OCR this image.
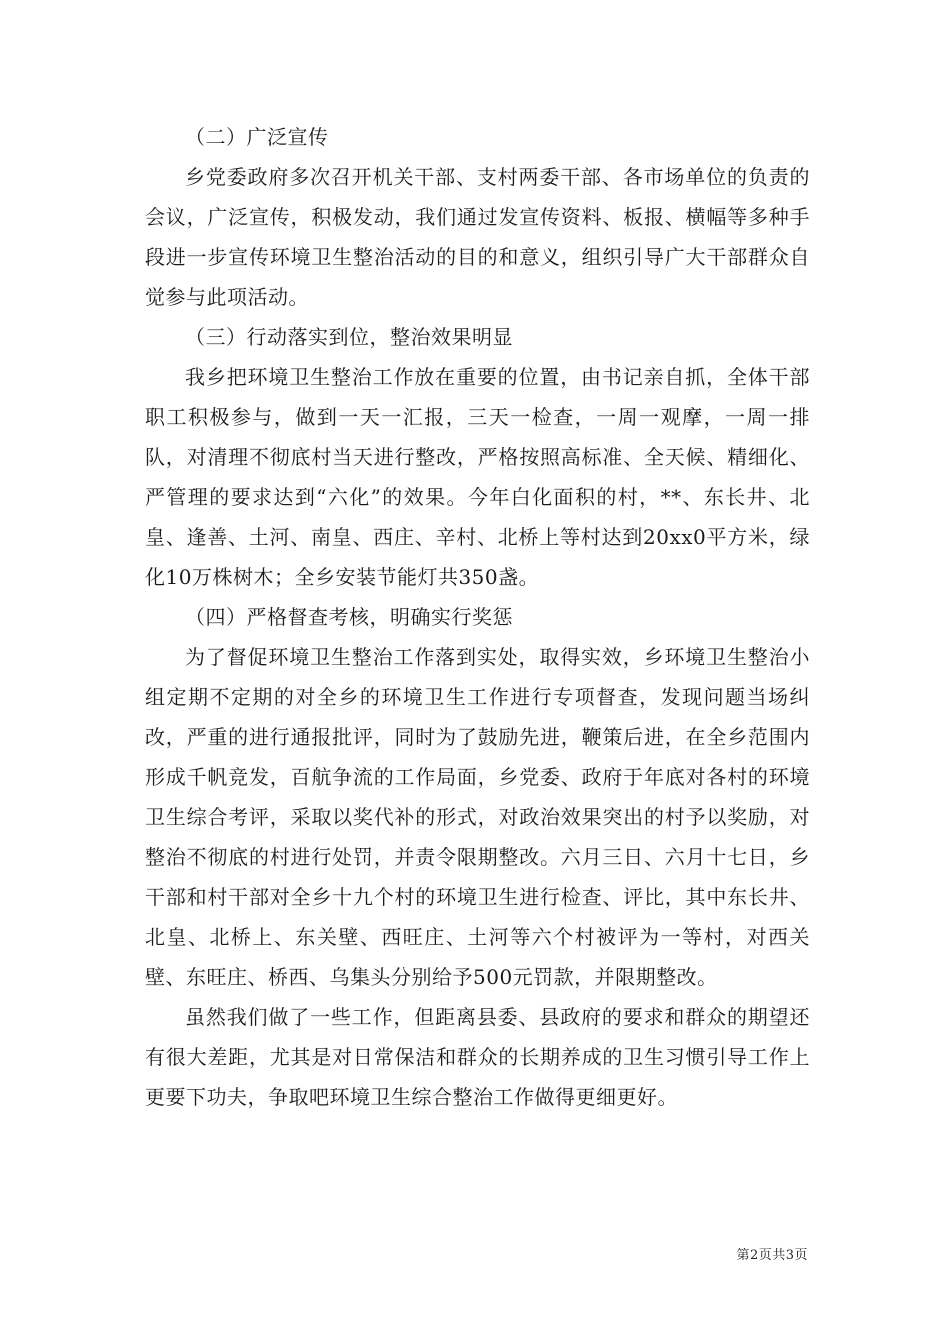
（二）广泛宣传

乡党委政府多次召开机关干部、支村两委干部、各市场单位的负责的会议，广泛宣传，积极发动，我们通过发宣传资料、板报、横幅等多种手段进一步宣传环境卫生整治活动的目的和意义，组织引导广大干部群众自觉参与此项活动。

（三）行动落实到位，整治效果明显

我乡把环境卫生整治工作放在重要的位置，由书记亲自抓，全体干部职工积极参与，做到一天一汇报，三天一检查，一周一观摩，一周一排队，对清理不彻底村当天进行整改，严格按照高标准、全天候、精细化、严管理的要求达到“六化”的效果。今年白化面积的村，**、东长井、北皇、逢善、土河、南皇、西庄、辛村、北桥上等村达到20xx0平方米，绿化10万株树木；全乡安装节能灯共350盏。

（四）严格督查考核，明确实行奖惩

为了督促环境卫生整治工作落到实处，取得实效，乡环境卫生整治小组定期不定期的对全乡的环境卫生工作进行专项督查，发现问题当场纠改，严重的进行通报批评，同时为了鼓励先进，鞭策后进，在全乡范围内形成千帆竞发，百航争流的工作局面，乡党委、政府于年底对各村的环境卫生综合考评，采取以奖代补的形式，对政治效果突出的村予以奖励，对整治不彻底的村进行处罚，并责令限期整改。六月三日、六月十七日，乡干部和村干部对全乡十九个村的环境卫生进行检查、评比，其中东长井、北皇、北桥上、东关壁、西旺庄、土河等六个村被评为一等村，对西关壁、东旺庄、桥西、乌集头分别给予500元罚款，并限期整改。

虽然我们做了一些工作，但距离县委、县政府的要求和群众的期望还有很大差距，尤其是对日常保洁和群众的长期养成的卫生习惯引导工作上更要下功夫，争取吧环境卫生综合整治工作做得更细更好。

第2页共3页
